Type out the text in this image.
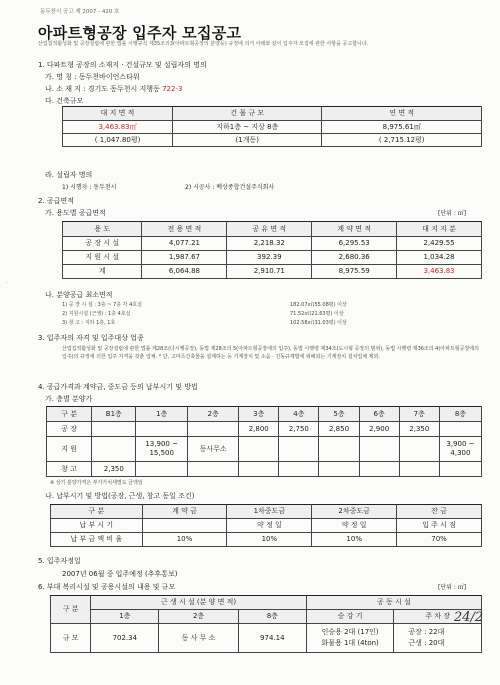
동두천시 공고 제 2007 - 420 호
아파트형공장 입주자 모집공고
산업집적활성화 및 공장설립에 관한 법률 시행규칙 제35조의3(아파트형공장의 분양등) 규정에 의거 아래와 같이 입주자 모집에 관한 사항을 공고합니다.
·
1. 다파트형 공장의 소재지 · 건설규모 및 설립자의 명의
가. 명 칭 : 동두천바이언스타워
나. 소 재 지 : 경기도 동두천시 지행동 722-3
다. 건축규모
대 지 면 적	건 물 규 모	연 면 적
3,463.83㎡	지하1층 ~ 지상 8층	8,975.61㎡
( 1,047.80평)	(1개동)	( 2,715.12평)
라. 설립자 명의
1) 시행자 : 동두천시	2) 시공사 : 백상종합건설주식회사
2. 공급면적
가. 용도별 공급면적	[단위 : ㎡]
용 도	전 용 면 적	공 유 면 적	계 약 면 적	대 지 지 분
공 장 시 설	4,077.21	2,218.32	6,295.53	2,429.55
지 원 시 설	1,987.67	392.39	2,680.36	1,034.28
계	6,064.88	2,910.71	8,975.59	3,463.83
나. 분양공급 최소면적
1) 공 장 시 설 : 3층 ~ 7층 각 4호실	182.07㎡(55.08평) 이상
2) 지원시설 (근생) : 1층 4호실	71.52㎡(21.63평) 이상
3) 창 고 : 지하 1층, 1호	102.58㎡(31.03평) 이상
3. 입주자의 자격 및 입주대상 업종
산업집적활성화 및 공장설립에 관한 법률 제28조(다시행공장), 동법 제28조의 5(아파트형공장에의 입주), 동법 시행령 제34조(도시형 공장의 범위), 동법 시행령 제36조의 4(아파트형공장에의 입주)의 규정에 의한 입주 자격을 갖춘 업체. * 단, 고마츠건축물을 설계하는 등 기계장치 및 소음 · 진동규제법에 위배되는 기계장치 설치업체 제외.
4. 공급가격과 계약금, 중도금 등의 납부시기 및 방법
가. 층별 분양가
구 분	B1층	1층	2층	3층	4층	5층	6층	7층	8층
공 장				2,800	2,750	2,850	2,900	2,350	
지 원		13,900 ~
15,500	동사무소						3,900 ~
4,300
창 고	2,350								
※ 상기 분양가격은 부가가치세별도 금액임
나. 납부시기 및 방법(공장, 근생, 창고 동일 조건)
구 분	계 약 금	1차중도금	2차중도금	잔 금
납 부 시 기		약 정 일	약 정 일	입 주 시 점
납 부 금 액 비 율	10%	10%	10%	70%
5. 입주자정일
2007년 06월 중 입주예정 (추후통보)
6. 부대 복리시설 및 공용시설의 내용 및 규모	[단위 : ㎡]
구 분	근 생 시 설 (분 양 면 적)			공 동 시 설	
	1층	2층	8층	승 강 기	주 차 장
규 모	702.34	동 사 무 소	974.14	인승용 2대 (17인)
화물용 1대 (4ton)	공장 : 22대
근생 : 20대
24/2
